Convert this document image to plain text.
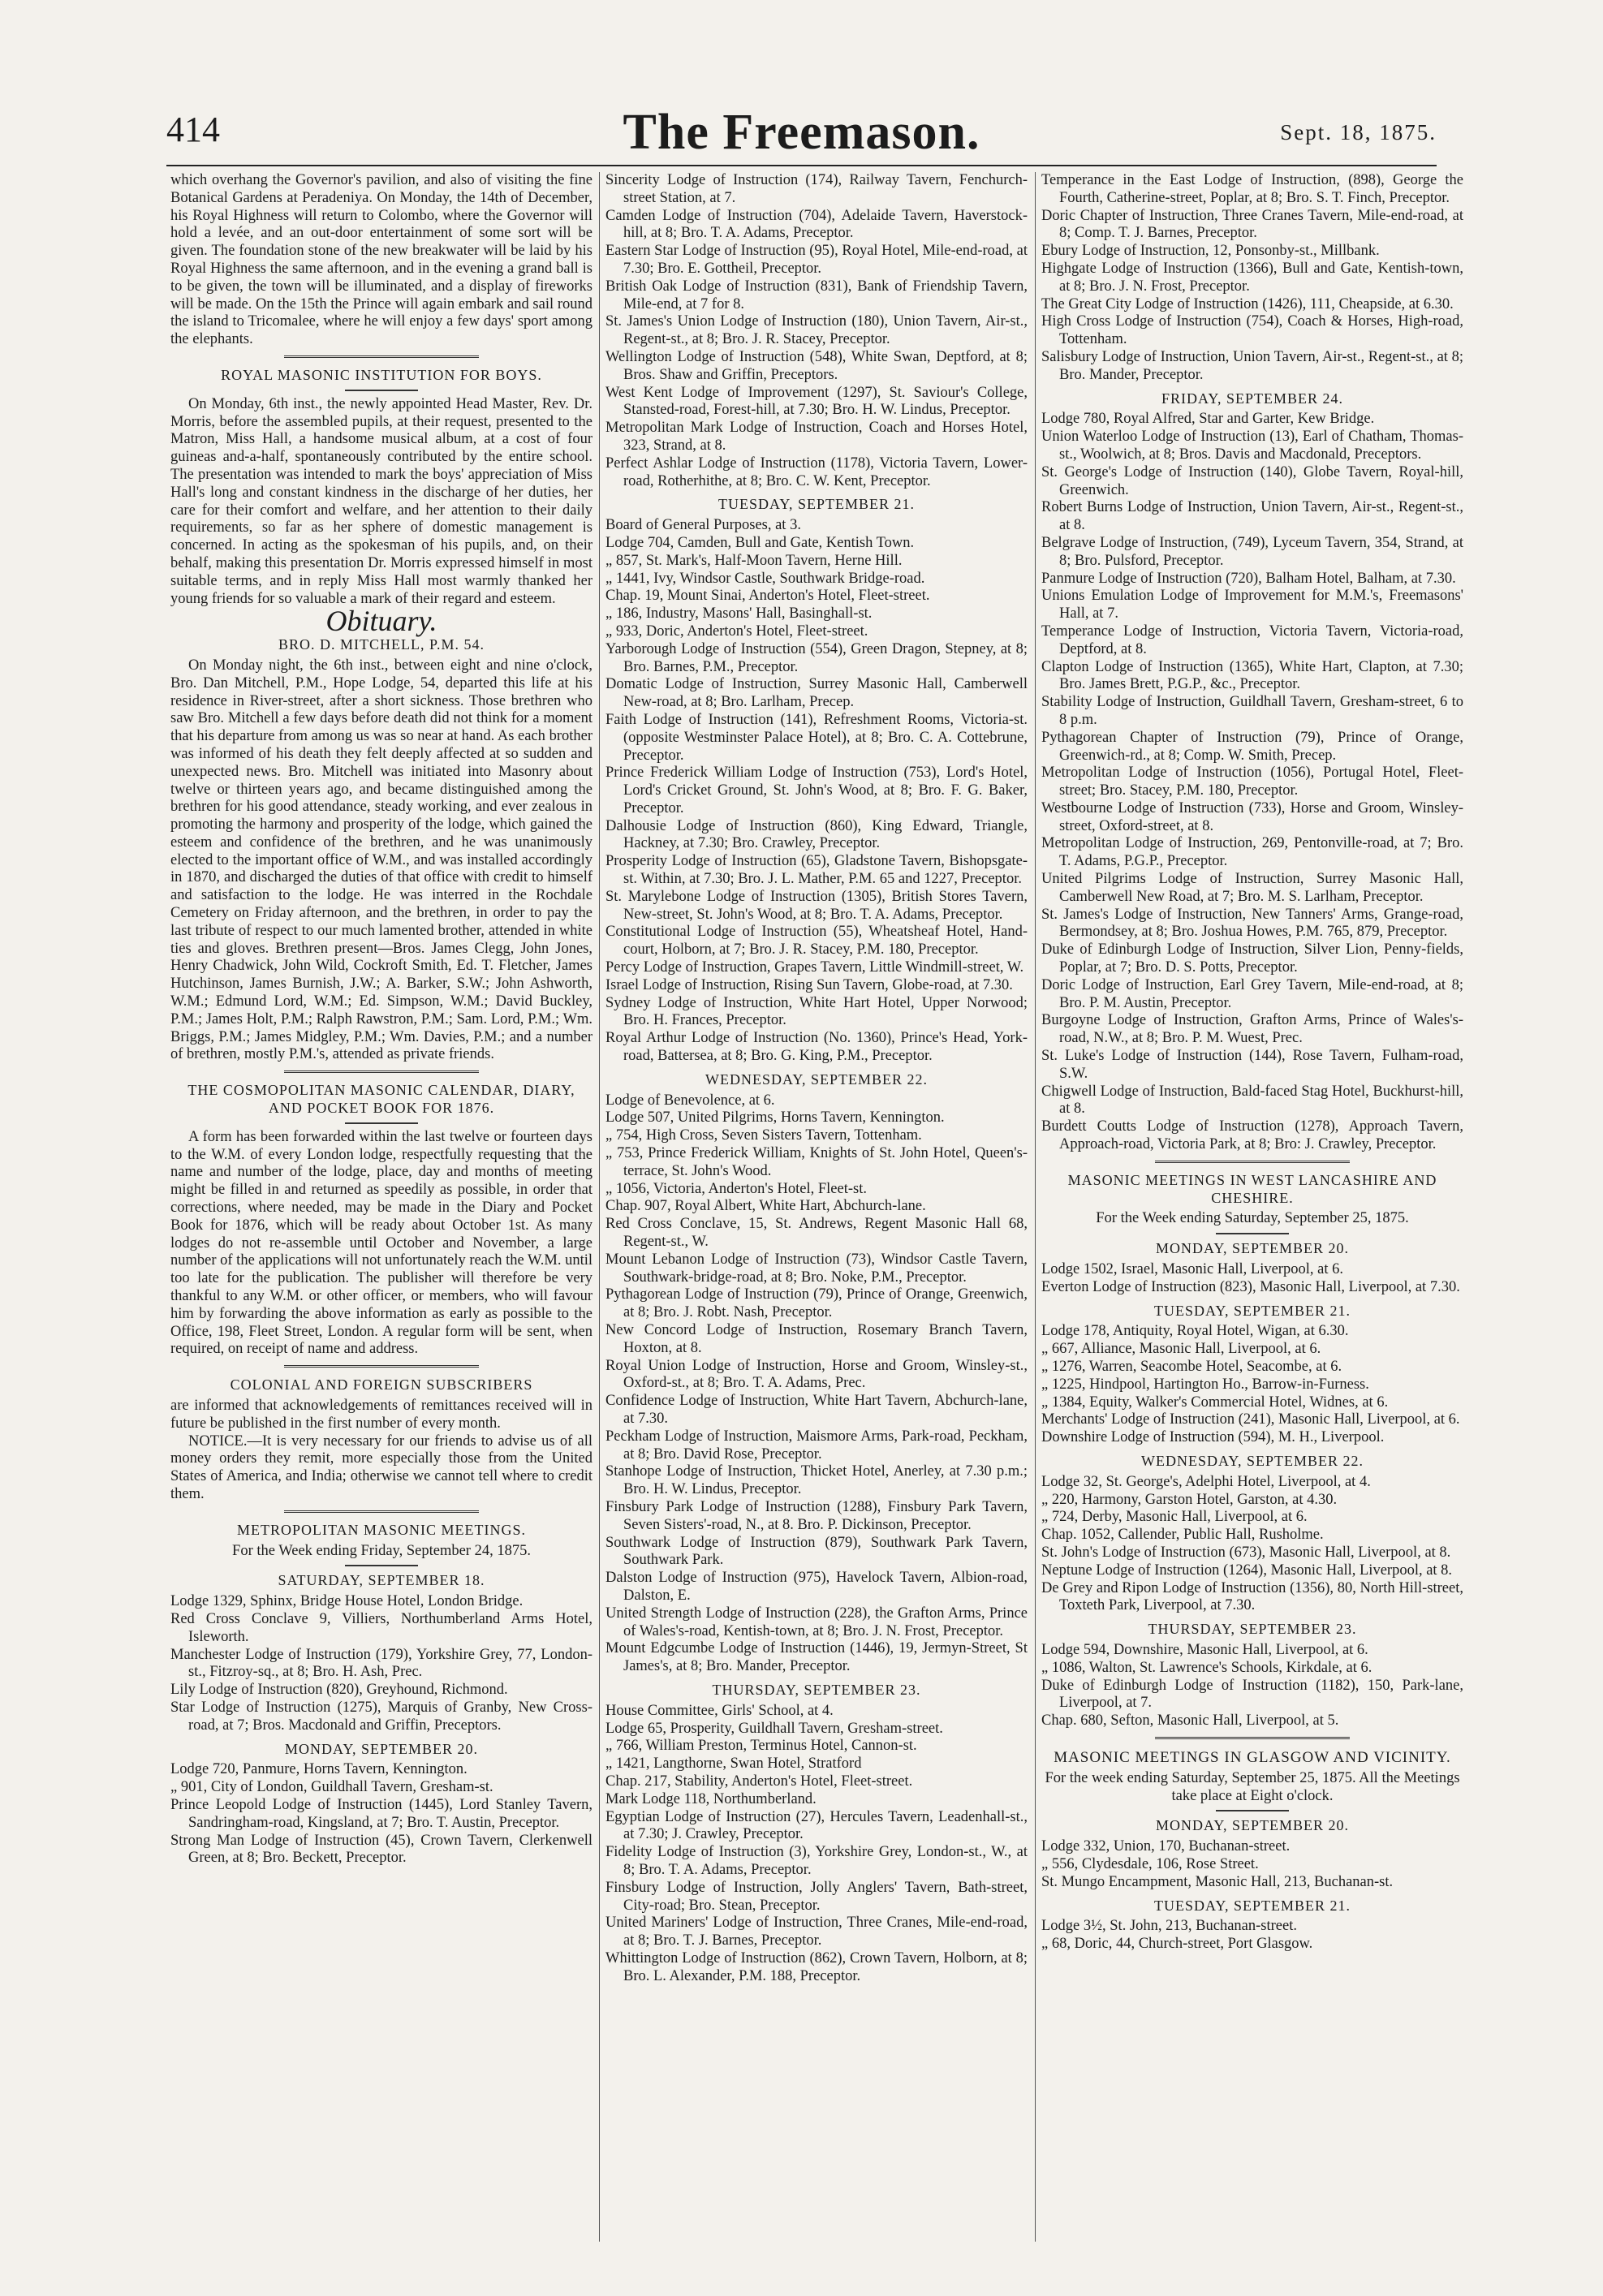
414	The Freemason.	Sept. 18, 1875.

which overhang the Governor's pavilion, and also of visiting the fine Botanical Gardens at Peradeniya. On Monday, the 14th of December, his Royal Highness will return to Colombo, where the Governor will hold a levée, and an out-door entertainment of some sort will be given. The foundation stone of the new breakwater will be laid by his Royal Highness the same afternoon, and in the evening a grand ball is to be given, the town will be illuminated, and a display of fireworks will be made. On the 15th the Prince will again embark and sail round the island to Tricomalee, where he will enjoy a few days' sport among the elephants.

ROYAL MASONIC INSTITUTION FOR BOYS.

On Monday, 6th inst., the newly appointed Head Master, Rev. Dr. Morris, before the assembled pupils, at their request, presented to the Matron, Miss Hall, a handsome musical album, at a cost of four guineas and-a-half, spontaneously contributed by the entire school. The presentation was intended to mark the boys' appreciation of Miss Hall's long and constant kindness in the discharge of her duties, her care for their comfort and welfare, and her attention to their daily requirements, so far as her sphere of domestic management is concerned. In acting as the spokesman of his pupils, and, on their behalf, making this presentation Dr. Morris expressed himself in most suitable terms, and in reply Miss Hall most warmly thanked her young friends for so valuable a mark of their regard and esteem.

Obituary.
BRO. D. MITCHELL, P.M. 54.

On Monday night, the 6th inst., between eight and nine o'clock, Bro. Dan Mitchell, P.M., Hope Lodge, 54, departed this life at his residence in River-street, after a short sickness. Those brethren who saw Bro. Mitchell a few days before death did not think for a moment that his departure from among us was so near at hand. As each brother was informed of his death they felt deeply affected at so sudden and unexpected news. Bro. Mitchell was initiated into Masonry about twelve or thirteen years ago, and became distinguished among the brethren for his good attendance, steady working, and ever zealous in promoting the harmony and prosperity of the lodge, which gained the esteem and confidence of the brethren, and he was unanimously elected to the important office of W.M., and was installed accordingly in 1870, and discharged the duties of that office with credit to himself and satisfaction to the lodge. He was interred in the Rochdale Cemetery on Friday afternoon, and the brethren, in order to pay the last tribute of respect to our much lamented brother, attended in white ties and gloves. Brethren present—Bros. James Clegg, John Jones, Henry Chadwick, John Wild, Cockroft Smith, Ed. T. Fletcher, James Hutchinson, James Burnish, J.W.; A. Barker, S.W.; John Ashworth, W.M.; Edmund Lord, W.M.; Ed. Simpson, W.M.; David Buckley, P.M.; James Holt, P.M.; Ralph Rawstron, P.M.; Sam. Lord, P.M.; Wm. Briggs, P.M.; James Midgley, P.M.; Wm. Davies, P.M.; and a number of brethren, mostly P.M.'s, attended as private friends.

THE COSMOPOLITAN MASONIC CALENDAR, DIARY, AND POCKET BOOK FOR 1876.

A form has been forwarded within the last twelve or fourteen days to the W.M. of every London lodge, respectfully requesting that the name and number of the lodge, place, day and months of meeting might be filled in and returned as speedily as possible, in order that corrections, where needed, may be made in the Diary and Pocket Book for 1876, which will be ready about October 1st. As many lodges do not re-assemble until October and November, a large number of the applications will not unfortunately reach the W.M. until too late for the publication. The publisher will therefore be very thankful to any W.M. or other officer, or members, who will favour him by forwarding the above information as early as possible to the Office, 198, Fleet Street, London. A regular form will be sent, when required, on receipt of name and address.

COLONIAL AND FOREIGN SUBSCRIBERS

are informed that acknowledgements of remittances received will in future be published in the first number of every month.

NOTICE.—It is very necessary for our friends to advise us of all money orders they remit, more especially those from the United States of America, and India; otherwise we cannot tell where to credit them.

METROPOLITAN MASONIC MEETINGS.
For the Week ending Friday, September 24, 1875.
SATURDAY, SEPTEMBER 18.
Lodge 1329, Sphinx, Bridge House Hotel, London Bridge.
Red Cross Conclave 9, Villiers, Northumberland Arms Hotel, Isleworth.
Manchester Lodge of Instruction (179), Yorkshire Grey, 77, London-st., Fitzroy-sq., at 8; Bro. H. Ash, Prec.
Lily Lodge of Instruction (820), Greyhound, Richmond.
Star Lodge of Instruction (1275), Marquis of Granby, New Cross-road, at 7; Bros. Macdonald and Griffin, Preceptors.
MONDAY, SEPTEMBER 20.
Lodge 720, Panmure, Horns Tavern, Kennington.
„ 901, City of London, Guildhall Tavern, Gresham-st.
Prince Leopold Lodge of Instruction (1445), Lord Stanley Tavern, Sandringham-road, Kingsland, at 7; Bro. T. Austin, Preceptor.
Strong Man Lodge of Instruction (45), Crown Tavern, Clerkenwell Green, at 8; Bro. Beckett, Preceptor.
Sincerity Lodge of Instruction (174), Railway Tavern, Fenchurch-street Station, at 7.
Camden Lodge of Instruction (704), Adelaide Tavern, Haverstock-hill, at 8; Bro. T. A. Adams, Preceptor.
Eastern Star Lodge of Instruction (95), Royal Hotel, Mile-end-road, at 7.30; Bro. E. Gottheil, Preceptor.
British Oak Lodge of Instruction (831), Bank of Friendship Tavern, Mile-end, at 7 for 8.
St. James's Union Lodge of Instruction (180), Union Tavern, Air-st., Regent-st., at 8; Bro. J. R. Stacey, Preceptor.
Wellington Lodge of Instruction (548), White Swan, Deptford, at 8; Bros. Shaw and Griffin, Preceptors.
West Kent Lodge of Improvement (1297), St. Saviour's College, Stansted-road, Forest-hill, at 7.30; Bro. H. W. Lindus, Preceptor.
Metropolitan Mark Lodge of Instruction, Coach and Horses Hotel, 323, Strand, at 8.
Perfect Ashlar Lodge of Instruction (1178), Victoria Tavern, Lower-road, Rotherhithe, at 8; Bro. C. W. Kent, Preceptor.
TUESDAY, SEPTEMBER 21.
Board of General Purposes, at 3.
Lodge 704, Camden, Bull and Gate, Kentish Town.
„ 857, St. Mark's, Half-Moon Tavern, Herne Hill.
„ 1441, Ivy, Windsor Castle, Southwark Bridge-road.
Chap. 19, Mount Sinai, Anderton's Hotel, Fleet-street.
„ 186, Industry, Masons' Hall, Basinghall-st.
„ 933, Doric, Anderton's Hotel, Fleet-street.
Yarborough Lodge of Instruction (554), Green Dragon, Stepney, at 8; Bro. Barnes, P.M., Preceptor.
Domatic Lodge of Instruction, Surrey Masonic Hall, Camberwell New-road, at 8; Bro. Larlham, Precep.
Faith Lodge of Instruction (141), Refreshment Rooms, Victoria-st. (opposite Westminster Palace Hotel), at 8; Bro. C. A. Cottebrune, Preceptor.
Prince Frederick William Lodge of Instruction (753), Lord's Hotel, Lord's Cricket Ground, St. John's Wood, at 8; Bro. F. G. Baker, Preceptor.
Dalhousie Lodge of Instruction (860), King Edward, Triangle, Hackney, at 7.30; Bro. Crawley, Preceptor.
Prosperity Lodge of Instruction (65), Gladstone Tavern, Bishopsgate-st. Within, at 7.30; Bro. J. L. Mather, P.M. 65 and 1227, Preceptor.
St. Marylebone Lodge of Instruction (1305), British Stores Tavern, New-street, St. John's Wood, at 8; Bro. T. A. Adams, Preceptor.
Constitutional Lodge of Instruction (55), Wheatsheaf Hotel, Hand-court, Holborn, at 7; Bro. J. R. Stacey, P.M. 180, Preceptor.
Percy Lodge of Instruction, Grapes Tavern, Little Windmill-street, W.
Israel Lodge of Instruction, Rising Sun Tavern, Globe-road, at 7.30.
Sydney Lodge of Instruction, White Hart Hotel, Upper Norwood; Bro. H. Frances, Preceptor.
Royal Arthur Lodge of Instruction (No. 1360), Prince's Head, York-road, Battersea, at 8; Bro. G. King, P.M., Preceptor.
WEDNESDAY, SEPTEMBER 22.
Lodge of Benevolence, at 6.
Lodge 507, United Pilgrims, Horns Tavern, Kennington.
„ 754, High Cross, Seven Sisters Tavern, Tottenham.
„ 753, Prince Frederick William, Knights of St. John Hotel, Queen's-terrace, St. John's Wood.
„ 1056, Victoria, Anderton's Hotel, Fleet-st.
Chap. 907, Royal Albert, White Hart, Abchurch-lane.
Red Cross Conclave, 15, St. Andrews, Regent Masonic Hall 68, Regent-st., W.
Mount Lebanon Lodge of Instruction (73), Windsor Castle Tavern, Southwark-bridge-road, at 8; Bro. Noke, P.M., Preceptor.
Pythagorean Lodge of Instruction (79), Prince of Orange, Greenwich, at 8; Bro. J. Robt. Nash, Preceptor.
New Concord Lodge of Instruction, Rosemary Branch Tavern, Hoxton, at 8.
Royal Union Lodge of Instruction, Horse and Groom, Winsley-st., Oxford-st., at 8; Bro. T. A. Adams, Prec.
Confidence Lodge of Instruction, White Hart Tavern, Abchurch-lane, at 7.30.
Peckham Lodge of Instruction, Maismore Arms, Park-road, Peckham, at 8; Bro. David Rose, Preceptor.
Stanhope Lodge of Instruction, Thicket Hotel, Anerley, at 7.30 p.m.; Bro. H. W. Lindus, Preceptor.
Finsbury Park Lodge of Instruction (1288), Finsbury Park Tavern, Seven Sisters'-road, N., at 8. Bro. P. Dickinson, Preceptor.
Southwark Lodge of Instruction (879), Southwark Park Tavern, Southwark Park.
Dalston Lodge of Instruction (975), Havelock Tavern, Albion-road, Dalston, E.
United Strength Lodge of Instruction (228), the Grafton Arms, Prince of Wales's-road, Kentish-town, at 8; Bro. J. N. Frost, Preceptor.
Mount Edgcumbe Lodge of Instruction (1446), 19, Jermyn-Street, St James's, at 8; Bro. Mander, Preceptor.
THURSDAY, SEPTEMBER 23.
House Committee, Girls' School, at 4.
Lodge 65, Prosperity, Guildhall Tavern, Gresham-street.
„ 766, William Preston, Terminus Hotel, Cannon-st.
„ 1421, Langthorne, Swan Hotel, Stratford
Chap. 217, Stability, Anderton's Hotel, Fleet-street.
Mark Lodge 118, Northumberland.
Egyptian Lodge of Instruction (27), Hercules Tavern, Leadenhall-st., at 7.30; J. Crawley, Preceptor.
Fidelity Lodge of Instruction (3), Yorkshire Grey, London-st., W., at 8; Bro. T. A. Adams, Preceptor.
Finsbury Lodge of Instruction, Jolly Anglers' Tavern, Bath-street, City-road; Bro. Stean, Preceptor.
United Mariners' Lodge of Instruction, Three Cranes, Mile-end-road, at 8; Bro. T. J. Barnes, Preceptor.
Whittington Lodge of Instruction (862), Crown Tavern, Holborn, at 8; Bro. L. Alexander, P.M. 188, Preceptor.
Temperance in the East Lodge of Instruction, (898), George the Fourth, Catherine-street, Poplar, at 8; Bro. S. T. Finch, Preceptor.
Doric Chapter of Instruction, Three Cranes Tavern, Mile-end-road, at 8; Comp. T. J. Barnes, Preceptor.
Ebury Lodge of Instruction, 12, Ponsonby-st., Millbank.
Highgate Lodge of Instruction (1366), Bull and Gate, Kentish-town, at 8; Bro. J. N. Frost, Preceptor.
The Great City Lodge of Instruction (1426), 111, Cheapside, at 6.30.
High Cross Lodge of Instruction (754), Coach & Horses, High-road, Tottenham.
Salisbury Lodge of Instruction, Union Tavern, Air-st., Regent-st., at 8; Bro. Mander, Preceptor.
FRIDAY, SEPTEMBER 24.
Lodge 780, Royal Alfred, Star and Garter, Kew Bridge.
Union Waterloo Lodge of Instruction (13), Earl of Chatham, Thomas-st., Woolwich, at 8; Bros. Davis and Macdonald, Preceptors.
St. George's Lodge of Instruction (140), Globe Tavern, Royal-hill, Greenwich.
Robert Burns Lodge of Instruction, Union Tavern, Air-st., Regent-st., at 8.
Belgrave Lodge of Instruction, (749), Lyceum Tavern, 354, Strand, at 8; Bro. Pulsford, Preceptor.
Panmure Lodge of Instruction (720), Balham Hotel, Balham, at 7.30.
Unions Emulation Lodge of Improvement for M.M.'s, Freemasons' Hall, at 7.
Temperance Lodge of Instruction, Victoria Tavern, Victoria-road, Deptford, at 8.
Clapton Lodge of Instruction (1365), White Hart, Clapton, at 7.30; Bro. James Brett, P.G.P., &c., Preceptor.
Stability Lodge of Instruction, Guildhall Tavern, Gresham-street, 6 to 8 p.m.
Pythagorean Chapter of Instruction (79), Prince of Orange, Greenwich-rd., at 8; Comp. W. Smith, Precep.
Metropolitan Lodge of Instruction (1056), Portugal Hotel, Fleet-street; Bro. Stacey, P.M. 180, Preceptor.
Westbourne Lodge of Instruction (733), Horse and Groom, Winsley-street, Oxford-street, at 8.
Metropolitan Lodge of Instruction, 269, Pentonville-road, at 7; Bro. T. Adams, P.G.P., Preceptor.
United Pilgrims Lodge of Instruction, Surrey Masonic Hall, Camberwell New Road, at 7; Bro. M. S. Larlham, Preceptor.
St. James's Lodge of Instruction, New Tanners' Arms, Grange-road, Bermondsey, at 8; Bro. Joshua Howes, P.M. 765, 879, Preceptor.
Duke of Edinburgh Lodge of Instruction, Silver Lion, Penny-fields, Poplar, at 7; Bro. D. S. Potts, Preceptor.
Doric Lodge of Instruction, Earl Grey Tavern, Mile-end-road, at 8; Bro. P. M. Austin, Preceptor.
Burgoyne Lodge of Instruction, Grafton Arms, Prince of Wales's-road, N.W., at 8; Bro. P. M. Wuest, Prec.
St. Luke's Lodge of Instruction (144), Rose Tavern, Fulham-road, S.W.
Chigwell Lodge of Instruction, Bald-faced Stag Hotel, Buckhurst-hill, at 8.
Burdett Coutts Lodge of Instruction (1278), Approach Tavern, Approach-road, Victoria Park, at 8; Bro: J. Crawley, Preceptor.
MASONIC MEETINGS IN WEST LANCASHIRE AND CHESHIRE.
For the Week ending Saturday, September 25, 1875.
MONDAY, SEPTEMBER 20.
Lodge 1502, Israel, Masonic Hall, Liverpool, at 6.
Everton Lodge of Instruction (823), Masonic Hall, Liverpool, at 7.30.
TUESDAY, SEPTEMBER 21.
Lodge 178, Antiquity, Royal Hotel, Wigan, at 6.30.
„ 667, Alliance, Masonic Hall, Liverpool, at 6.
„ 1276, Warren, Seacombe Hotel, Seacombe, at 6.
„ 1225, Hindpool, Hartington Ho., Barrow-in-Furness.
„ 1384, Equity, Walker's Commercial Hotel, Widnes, at 6.
Merchants' Lodge of Instruction (241), Masonic Hall, Liverpool, at 6.
Downshire Lodge of Instruction (594), M. H., Liverpool.
WEDNESDAY, SEPTEMBER 22.
Lodge 32, St. George's, Adelphi Hotel, Liverpool, at 4.
„ 220, Harmony, Garston Hotel, Garston, at 4.30.
„ 724, Derby, Masonic Hall, Liverpool, at 6.
Chap. 1052, Callender, Public Hall, Rusholme.
St. John's Lodge of Instruction (673), Masonic Hall, Liverpool, at 8.
Neptune Lodge of Instruction (1264), Masonic Hall, Liverpool, at 8.
De Grey and Ripon Lodge of Instruction (1356), 80, North Hill-street, Toxteth Park, Liverpool, at 7.30.
THURSDAY, SEPTEMBER 23.
Lodge 594, Downshire, Masonic Hall, Liverpool, at 6.
„ 1086, Walton, St. Lawrence's Schools, Kirkdale, at 6.
Duke of Edinburgh Lodge of Instruction (1182), 150, Park-lane, Liverpool, at 7.
Chap. 680, Sefton, Masonic Hall, Liverpool, at 5.
MASONIC MEETINGS IN GLASGOW AND VICINITY.
For the week ending Saturday, September 25, 1875. All the Meetings take place at Eight o'clock.
MONDAY, SEPTEMBER 20.
Lodge 332, Union, 170, Buchanan-street.
„ 556, Clydesdale, 106, Rose Street.
St. Mungo Encampment, Masonic Hall, 213, Buchanan-st.
TUESDAY, SEPTEMBER 21.
Lodge 3½, St. John, 213, Buchanan-street.
„ 68, Doric, 44, Church-street, Port Glasgow.
